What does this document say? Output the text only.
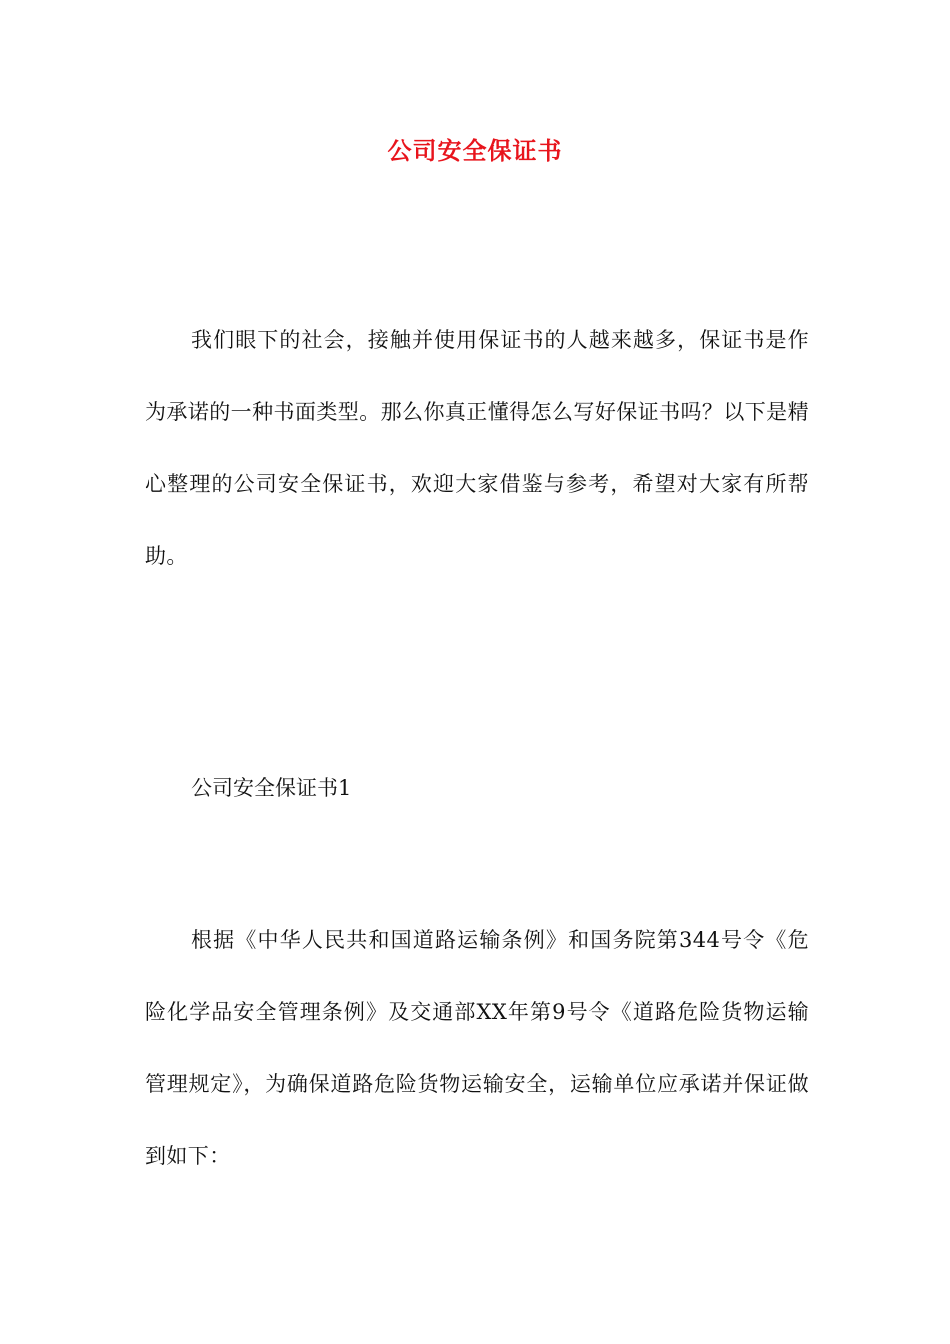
公司安全保证书

我们眼下的社会，接触并使用保证书的人越来越多，保证书是作为承诺的一种书面类型。那么你真正懂得怎么写好保证书吗？以下是精心整理的公司安全保证书，欢迎大家借鉴与参考，希望对大家有所帮助。

公司安全保证书1

根据《中华人民共和国道路运输条例》和国务院第344号令《危险化学品安全管理条例》及交通部XX年第9号令《道路危险货物运输管理规定》，为确保道路危险货物运输安全，运输单位应承诺并保证做到如下：
